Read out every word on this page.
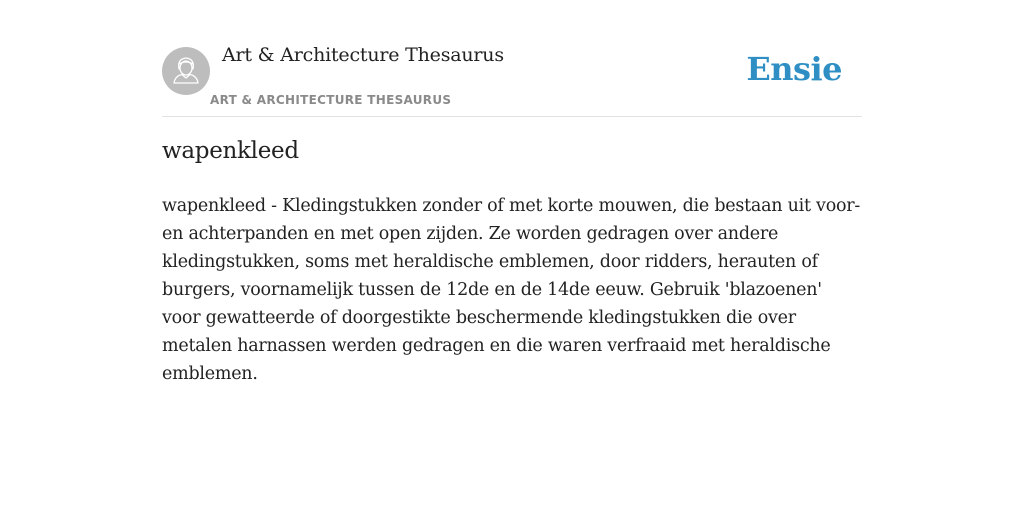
Art & Architecture Thesaurus
ART & ARCHITECTURE THESAURUS
Ensie
wapenkleed

wapenkleed - Kledingstukken zonder of met korte mouwen, die bestaan uit voor- en achterpanden en met open zijden. Ze worden gedragen over andere kledingstukken, soms met heraldische emblemen, door ridders, herauten of burgers, voornamelijk tussen de 12de en de 14de eeuw. Gebruik 'blazoenen' voor gewatteerde of doorgestikte beschermende kledingstukken die over metalen harnassen werden gedragen en die waren verfraaid met heraldische emblemen.
